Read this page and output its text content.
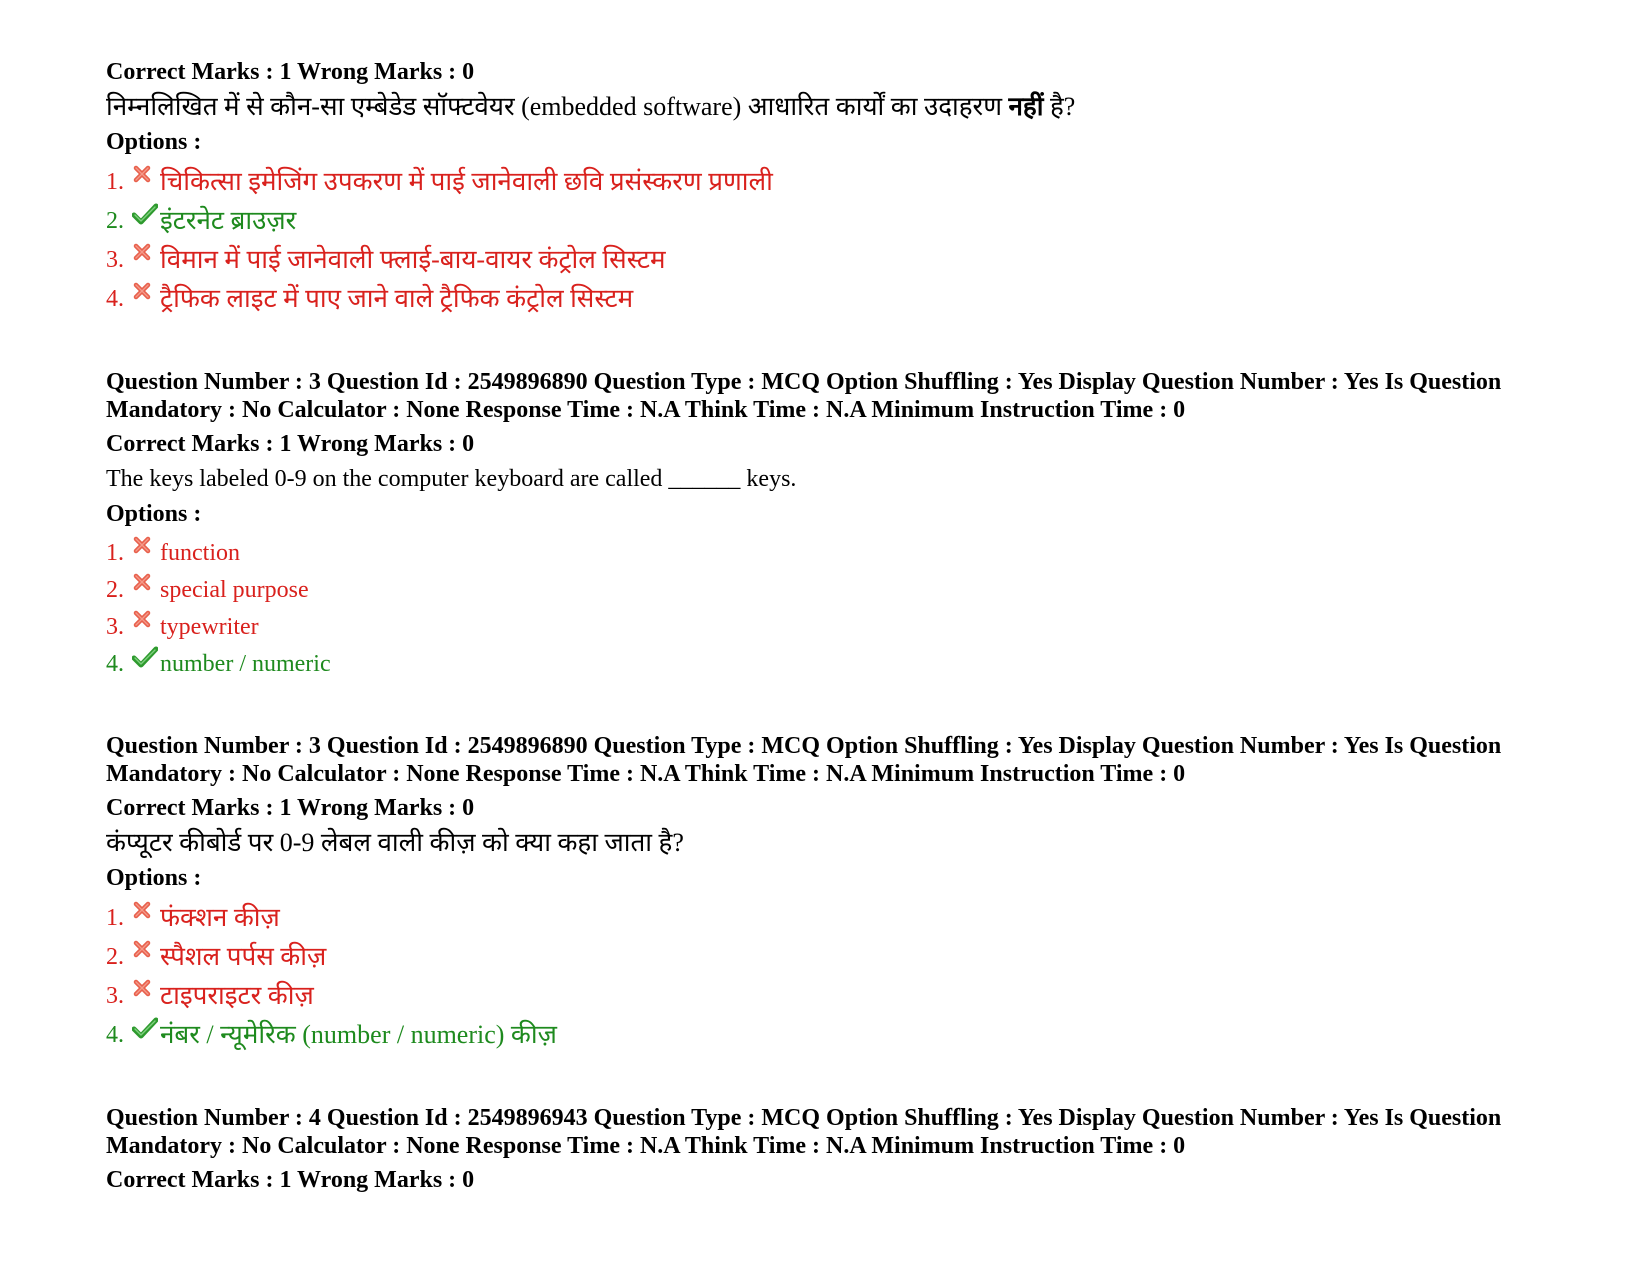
Correct Marks : 1 Wrong Marks : 0

निम्नलिखित में से कौन-सा एम्बेडेड सॉफ्टवेयर (embedded software) आधारित कार्यों का उदाहरण नहीं है?

Options :

1.	चिकित्सा इमेजिंग उपकरण में पाई जानेवाली छवि प्रसंस्करण प्रणाली
2.	इंटरनेट ब्राउज़र
3.	विमान में पाई जानेवाली फ्लाई-बाय-वायर कंट्रोल सिस्टम
4.	ट्रैफिक लाइट में पाए जाने वाले ट्रैफिक कंट्रोल सिस्टम

Question Number : 3 Question Id : 2549896890 Question Type : MCQ Option Shuffling : Yes Display Question Number : Yes Is Question

Mandatory : No Calculator : None Response Time : N.A Think Time : N.A Minimum Instruction Time : 0

Correct Marks : 1 Wrong Marks : 0

The keys labeled 0-9 on the computer keyboard are called ______ keys.

Options :

1.	function
2.	special purpose
3.	typewriter
4.	number / numeric

Question Number : 3 Question Id : 2549896890 Question Type : MCQ Option Shuffling : Yes Display Question Number : Yes Is Question

Mandatory : No Calculator : None Response Time : N.A Think Time : N.A Minimum Instruction Time : 0

Correct Marks : 1 Wrong Marks : 0

कंप्यूटर कीबोर्ड पर 0-9 लेबल वाली कीज़ को क्या कहा जाता है?

Options :

1.	फंक्शन कीज़
2.	स्पैशल पर्पस कीज़
3.	टाइपराइटर कीज़
4.	नंबर / न्यूमेरिक (number / numeric) कीज़

Question Number : 4 Question Id : 2549896943 Question Type : MCQ Option Shuffling : Yes Display Question Number : Yes Is Question

Mandatory : No Calculator : None Response Time : N.A Think Time : N.A Minimum Instruction Time : 0

Correct Marks : 1 Wrong Marks : 0
